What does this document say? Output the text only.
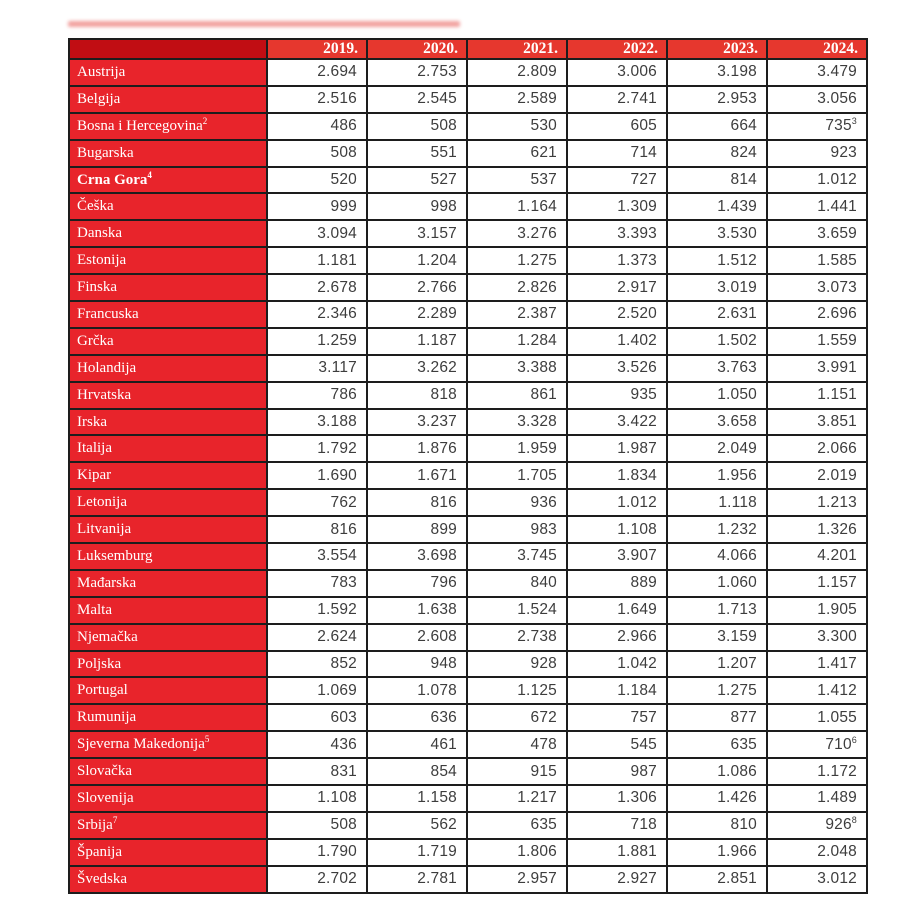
	2019.	2020.	2021.	2022.	2023.	2024.
Austrija	2.694	2.753	2.809	3.006	3.198	3.479
Belgija	2.516	2.545	2.589	2.741	2.953	3.056
Bosna i Hercegovina$^2$	486	508	530	605	664	$735^3$
Bugarska	508	551	621	714	824	923
Crna Gora$^4$	520	527	537	727	814	1.012
Češka	999	998	1.164	1.309	1.439	1.441
Danska	3.094	3.157	3.276	3.393	3.530	3.659
Estonija	1.181	1.204	1.275	1.373	1.512	1.585
Finska	2.678	2.766	2.826	2.917	3.019	3.073
Francuska	2.346	2.289	2.387	2.520	2.631	2.696
Grčka	1.259	1.187	1.284	1.402	1.502	1.559
Holandija	3.117	3.262	3.388	3.526	3.763	3.991
Hrvatska	786	818	861	935	1.050	1.151
Irska	3.188	3.237	3.328	3.422	3.658	3.851
Italija	1.792	1.876	1.959	1.987	2.049	2.066
Kipar	1.690	1.671	1.705	1.834	1.956	2.019
Letonija	762	816	936	1.012	1.118	1.213
Litvanija	816	899	983	1.108	1.232	1.326
Luksemburg	3.554	3.698	3.745	3.907	4.066	4.201
Mađarska	783	796	840	889	1.060	1.157
Malta	1.592	1.638	1.524	1.649	1.713	1.905
Njemačka	2.624	2.608	2.738	2.966	3.159	3.300
Poljska	852	948	928	1.042	1.207	1.417
Portugal	1.069	1.078	1.125	1.184	1.275	1.412
Rumunija	603	636	672	757	877	1.055
Sjeverna Makedonija$^5$	436	461	478	545	635	$710^6$
Slovačka	831	854	915	987	1.086	1.172
Slovenija	1.108	1.158	1.217	1.306	1.426	1.489
Srbija$^7$	508	562	635	718	810	$926^8$
Španija	1.790	1.719	1.806	1.881	1.966	2.048
Švedska	2.702	2.781	2.957	2.927	2.851	3.012
